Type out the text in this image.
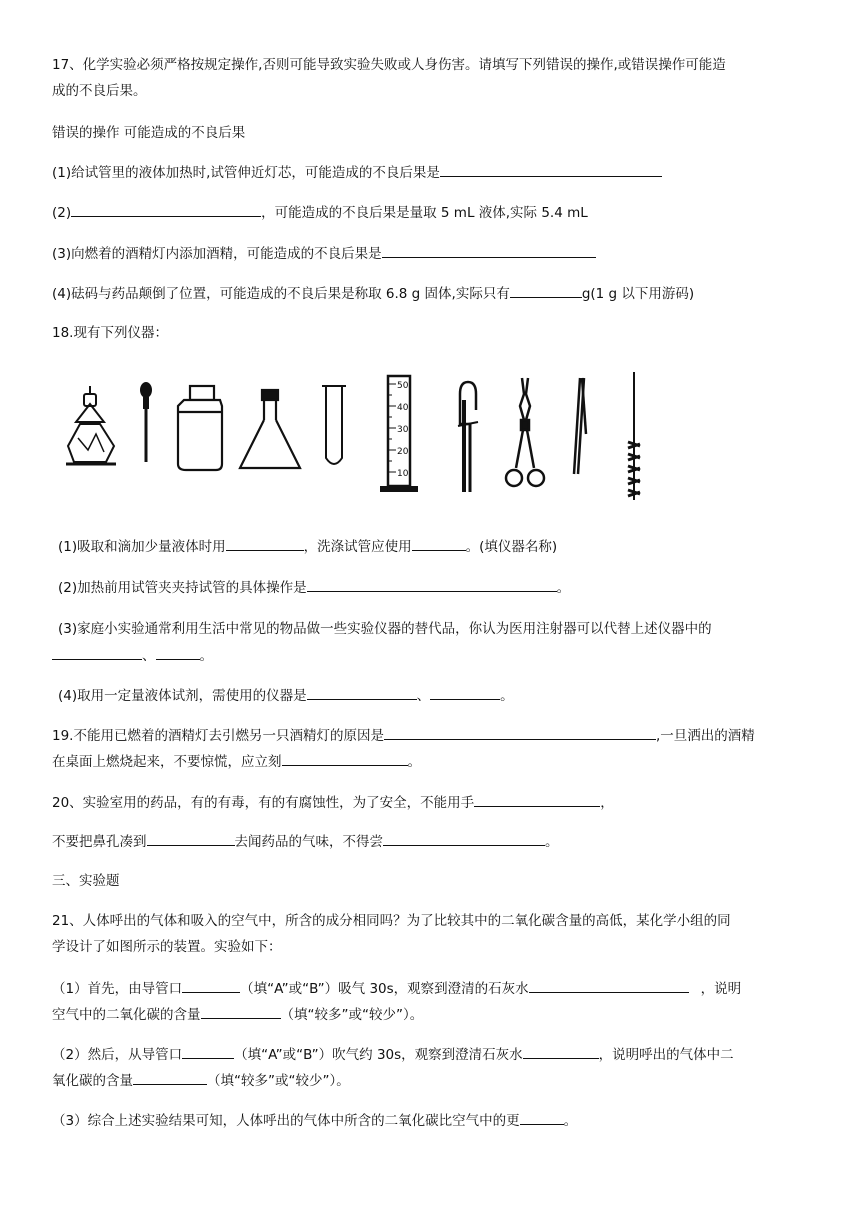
17、化学实验必须严格按规定操作,否则可能导致实验失败或人身伤害。请填写下列错误的操作,或错误操作可能造
成的不良后果。
错误的操作 可能造成的不良后果
(1)给试管里的液体加热时,试管伸近灯芯，可能造成的不良后果是
(2)	，可能造成的不良后果是量取 5 mL 液体,实际 5.4 mL
(3)向燃着的酒精灯内添加酒精，可能造成的不良后果是
(4)砝码与药品颠倒了位置，可能造成的不良后果是称取 6.8 g 固体,实际只有	g(1 g 以下用游码)
18.现有下列仪器：
50
40
30
20
10
(1)吸取和滴加少量液体时用	，洗涤试管应使用	。(填仪器名称)
(2)加热前用试管夹夹持试管的具体操作是	。
(3)家庭小实验通常利用生活中常见的物品做一些实验仪器的替代品，你认为医用注射器可以代替上述仪器中的
、	。
(4)取用一定量液体试剂，需使用的仪器是	、	。
19.不能用已燃着的酒精灯去引燃另一只酒精灯的原因是	,一旦洒出的酒精
在桌面上燃烧起来，不要惊慌，应立刻	。
20、实验室用的药品，有的有毒，有的有腐蚀性，为了安全，不能用手	，
不要把鼻孔凑到	去闻药品的气味，不得尝	。
三、实验题
21、人体呼出的气体和吸入的空气中，所含的成分相同吗？为了比较其中的二氧化碳含量的高低，某化学小组的同
学设计了如图所示的装置。实验如下：
（1）首先，由导管口	（填“A”或“B”）吸气 30s，观察到澄清的石灰水	，说明
空气中的二氧化碳的含量	（填“较多”或“较少”）。
（2）然后，从导管口	（填“A”或“B”）吹气约 30s，观察到澄清石灰水	，说明呼出的气体中二
氧化碳的含量	（填“较多”或“较少”）。
（3）综合上述实验结果可知，人体呼出的气体中所含的二氧化碳比空气中的更	。
